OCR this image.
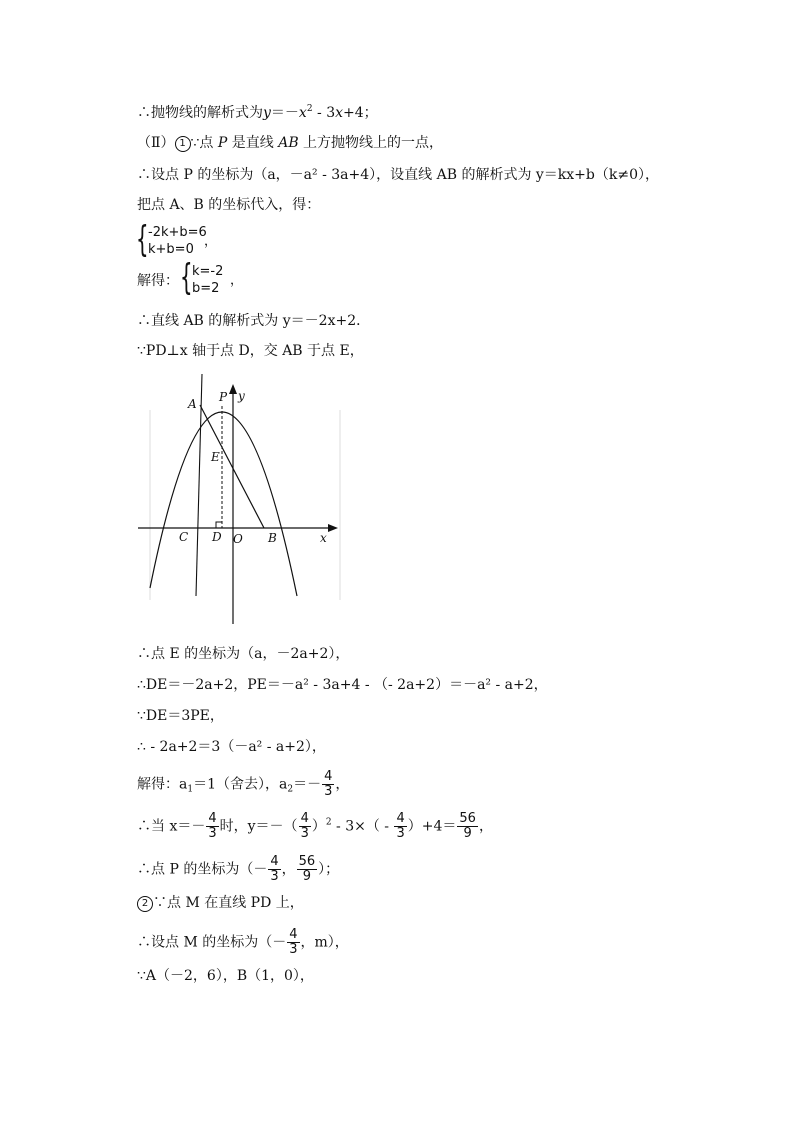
∴抛物线的解析式为$y=-x^2 - 3x+4$；
（Ⅱ） 1 ∵点 P 是直线 AB 上方抛物线上的一点，
∴设点 P 的坐标为（a，－a² - 3a+4），设直线 AB 的解析式为 y＝kx+b（k≠0），
把点 A、B 的坐标代入，得：
{ -2k+b=6
k+b=0
，
解得： { k=-2
b=2
，
∴直线 AB 的解析式为 y＝－2x+2．
∵PD⊥x 轴于点 D，交 AB 于点 E，
A P y
E
C D O B	x
∴点 E 的坐标为（a，－2a+2），
∴DE＝－2a+2，PE＝－a² - 3a+4 - （- 2a+2）＝－a² - a+2，
∵DE＝3PE，
∴ - 2a+2＝3（－a² - a+2），
解得：$a_1=1$（舍去），$a_2=- \frac{4}{3}$ ，
∴当 $x=- \frac{4}{3}$ 时，$y=-( \frac{4}{3} )^2 - 3\times( - \frac{4}{3} )+4= \frac{56}{9}$ ，
∴点 P 的坐标为（－ $\frac{4}{3}$ ， $\frac{56}{9}$ ）；
2 ∵点 M 在直线 PD 上，
∴设点 M 的坐标为（－ $\frac{4}{3}$ ，m），
∵A（－2，6），B（1，0），
